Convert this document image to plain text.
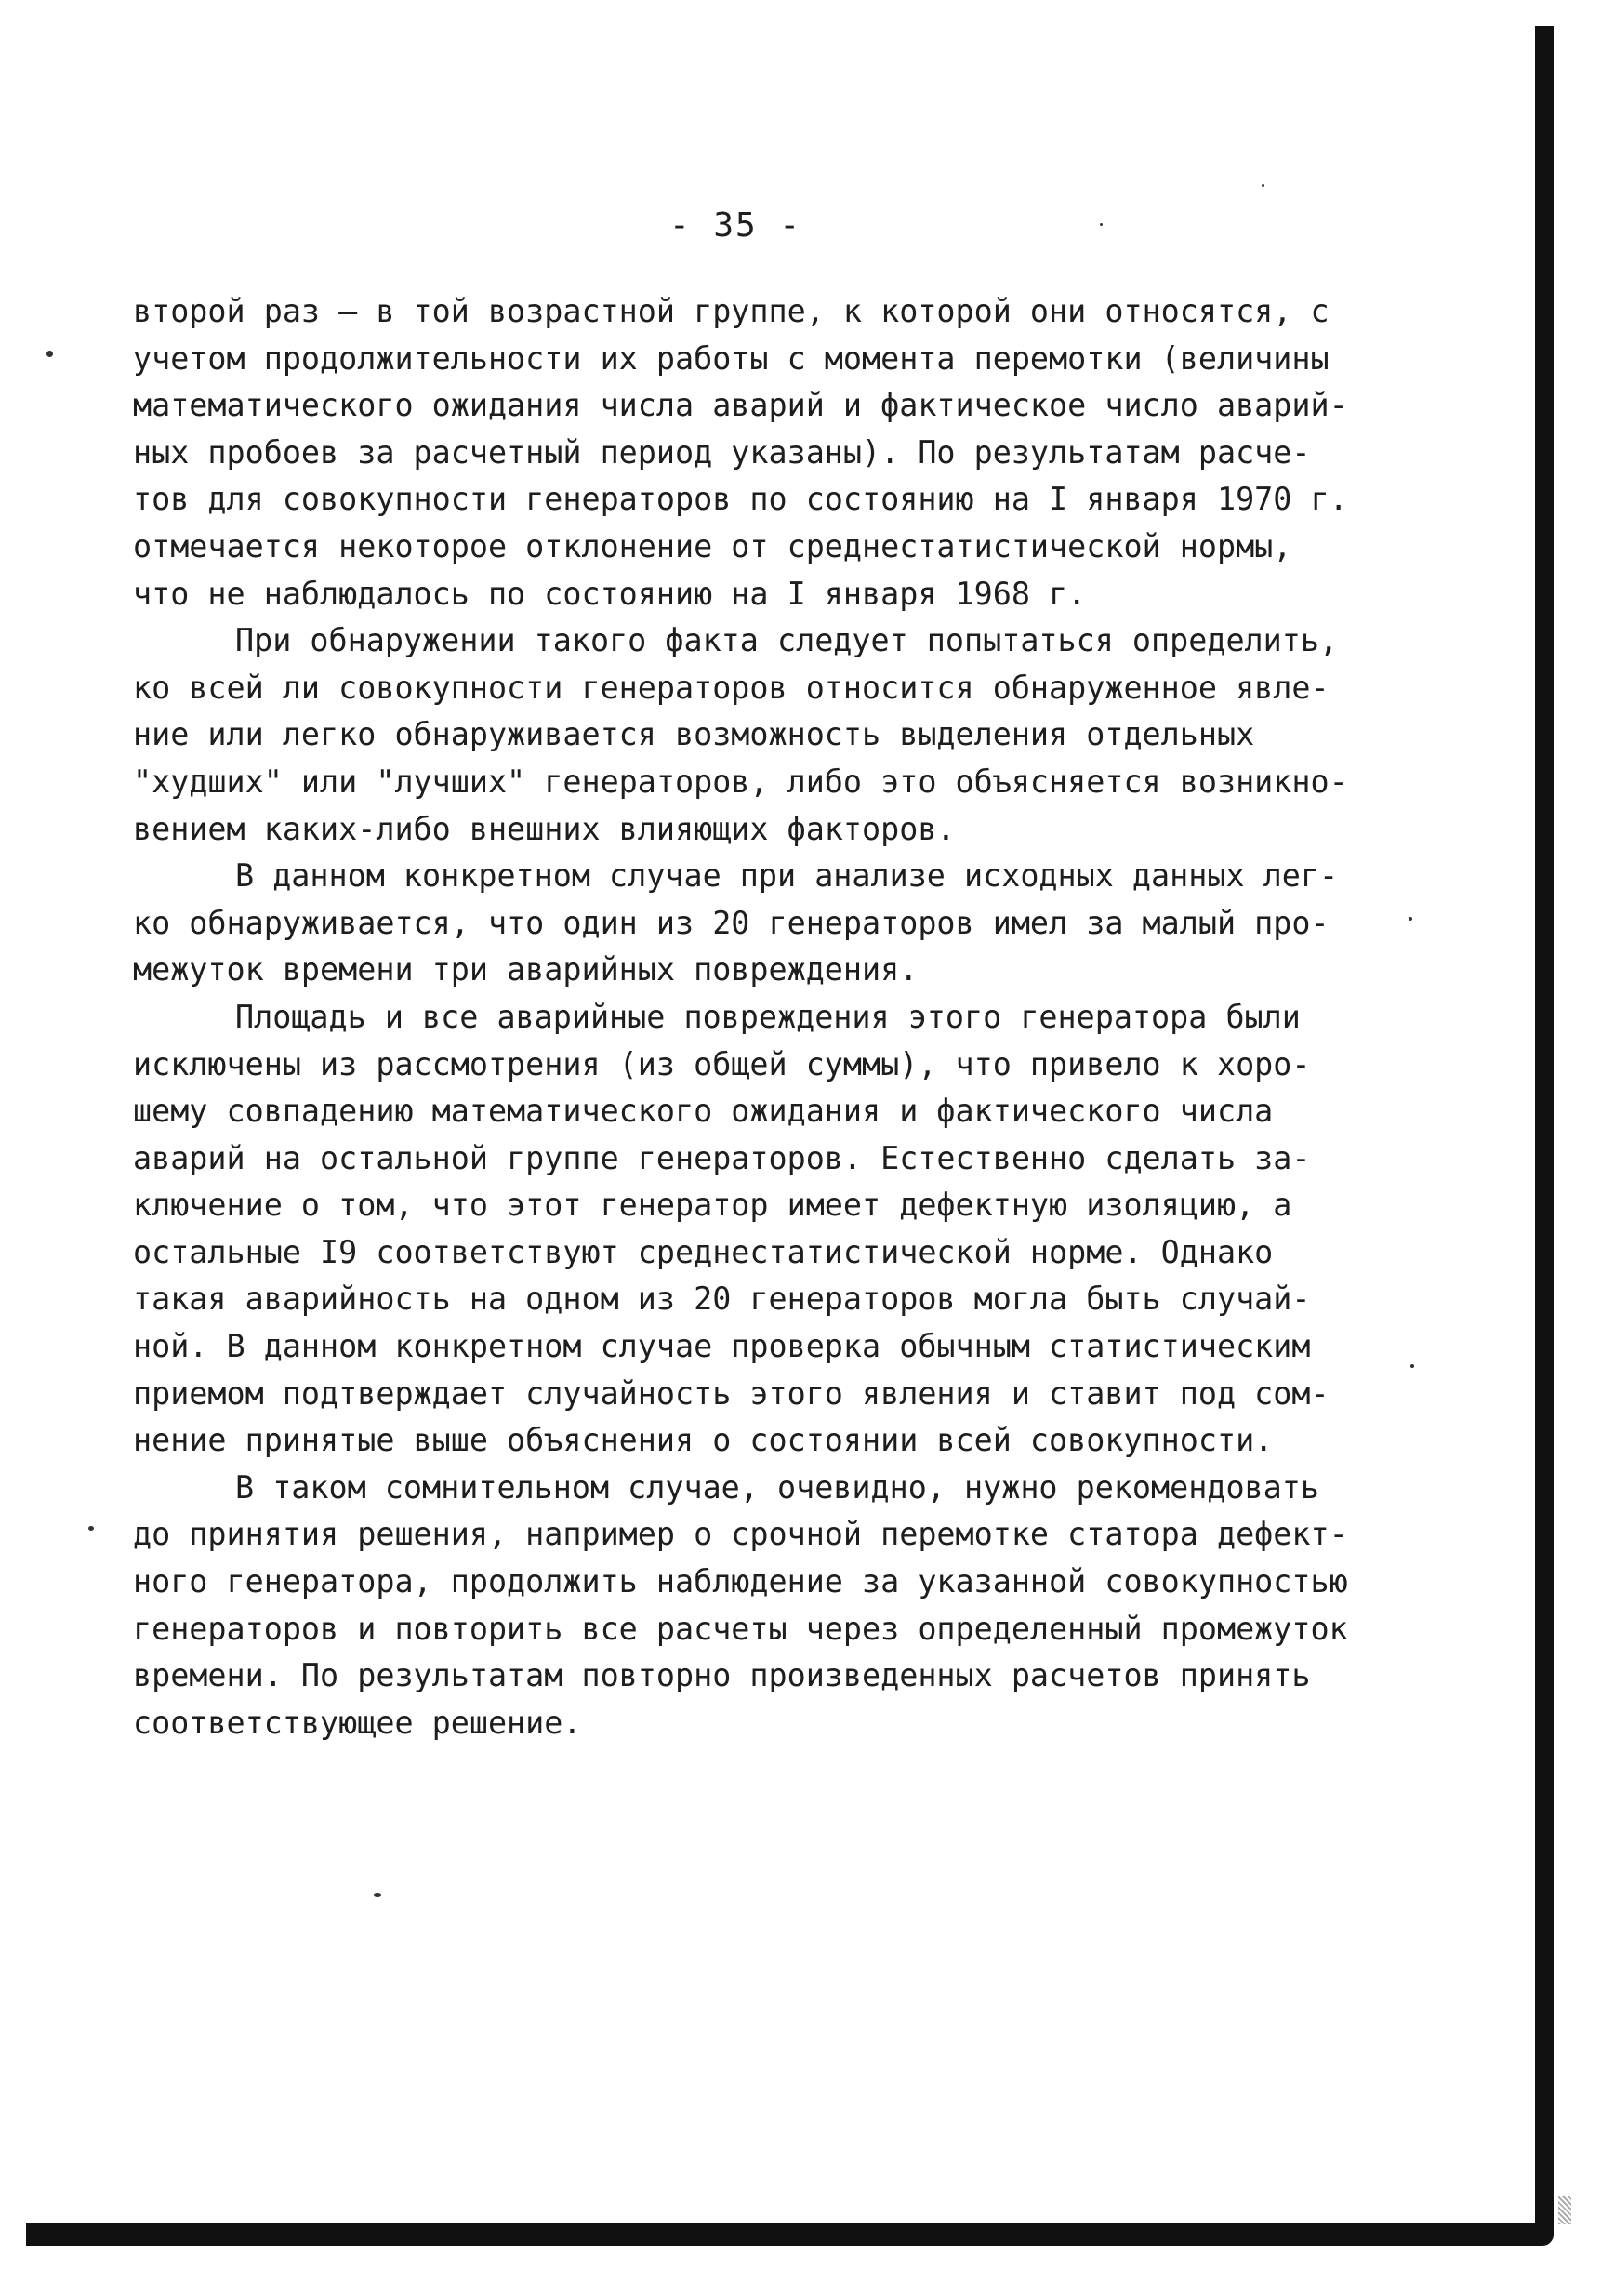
- 35 -
второй раз – в той возрастной группе, к которой они относятся, с
учетом продолжительности их работы с момента перемотки (величины
математического ожидания числа аварий и фактическое число аварий-
ных пробоев за расчетный период указаны). По результатам расче-
тов для совокупности генераторов по состоянию на I января 1970 г.
отмечается некоторое отклонение от среднестатистической нормы,
что не наблюдалось по состоянию на I января 1968 г.
При обнаружении такого факта следует попытаться определить,
ко всей ли совокупности генераторов относится обнаруженное явле-
ние или легко обнаруживается возможность выделения отдельных
"худших" или "лучших" генераторов, либо это объясняется возникно-
вением каких-либо внешних влияющих факторов.
В данном конкретном случае при анализе исходных данных лег-
ко обнаруживается, что один из 20 генераторов имел за малый про-
межуток времени три аварийных повреждения.
Площадь и все аварийные повреждения этого генератора были
исключены из рассмотрения (из общей суммы), что привело к хоро-
шему совпадению математического ожидания и фактического числа
аварий на остальной группе генераторов. Естественно сделать за-
ключение о том, что этот генератор имеет дефектную изоляцию, а
остальные I9 соответствуют среднестатистической норме. Однако
такая аварийность на одном из 20 генераторов могла быть случай-
ной. В данном конкретном случае проверка обычным статистическим
приемом подтверждает случайность этого явления и ставит под сом-
нение принятые выше объяснения о состоянии всей совокупности.
В таком сомнительном случае, очевидно, нужно рекомендовать
до принятия решения, например о срочной перемотке статора дефект-
ного генератора, продолжить наблюдение за указанной совокупностью
генераторов и повторить все расчеты через определенный промежуток
времени. По результатам повторно произведенных расчетов принять
соответствующее решение.
